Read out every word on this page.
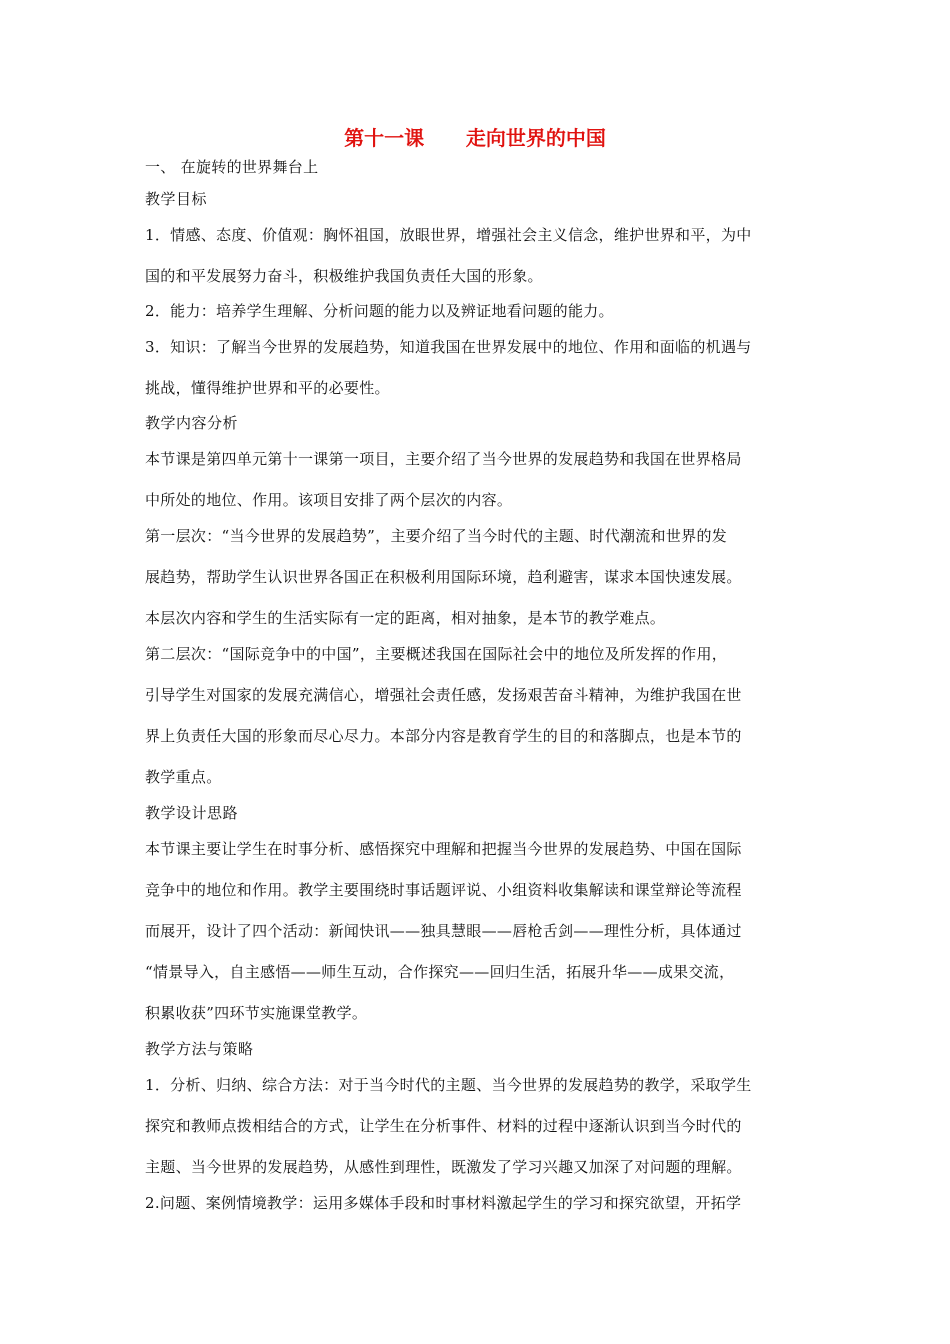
第十一课      走向世界的中国
一、 在旋转的世界舞台上
教学目标
1．情感、态度、价值观：胸怀祖国，放眼世界，增强社会主义信念，维护世界和平，为中
国的和平发展努力奋斗，积极维护我国负责任大国的形象。
2．能力：培养学生理解、分析问题的能力以及辨证地看问题的能力。
3．知识：了解当今世界的发展趋势，知道我国在世界发展中的地位、作用和面临的机遇与
挑战，懂得维护世界和平的必要性。
教学内容分析
本节课是第四单元第十一课第一项目，主要介绍了当今世界的发展趋势和我国在世界格局
中所处的地位、作用。该项目安排了两个层次的内容。
第一层次：“当今世界的发展趋势”，主要介绍了当今时代的主题、时代潮流和世界的发
展趋势，帮助学生认识世界各国正在积极利用国际环境，趋利避害，谋求本国快速发展。
本层次内容和学生的生活实际有一定的距离，相对抽象，是本节的教学难点。
第二层次：“国际竞争中的中国”，主要概述我国在国际社会中的地位及所发挥的作用，
引导学生对国家的发展充满信心，增强社会责任感，发扬艰苦奋斗精神，为维护我国在世
界上负责任大国的形象而尽心尽力。本部分内容是教育学生的目的和落脚点，也是本节的
教学重点。
教学设计思路
本节课主要让学生在时事分析、感悟探究中理解和把握当今世界的发展趋势、中国在国际
竞争中的地位和作用。教学主要围绕时事话题评说、小组资料收集解读和课堂辩论等流程
而展开，设计了四个活动：新闻快讯——独具慧眼——唇枪舌剑——理性分析，具体通过
“情景导入，自主感悟——师生互动，合作探究——回归生活，拓展升华——成果交流，
积累收获”四环节实施课堂教学。
教学方法与策略
1．分析、归纳、综合方法：对于当今时代的主题、当今世界的发展趋势的教学，采取学生
探究和教师点拨相结合的方式，让学生在分析事件、材料的过程中逐渐认识到当今时代的
主题、当今世界的发展趋势，从感性到理性，既激发了学习兴趣又加深了对问题的理解。
2.问题、案例情境教学：运用多媒体手段和时事材料激起学生的学习和探究欲望，开拓学
